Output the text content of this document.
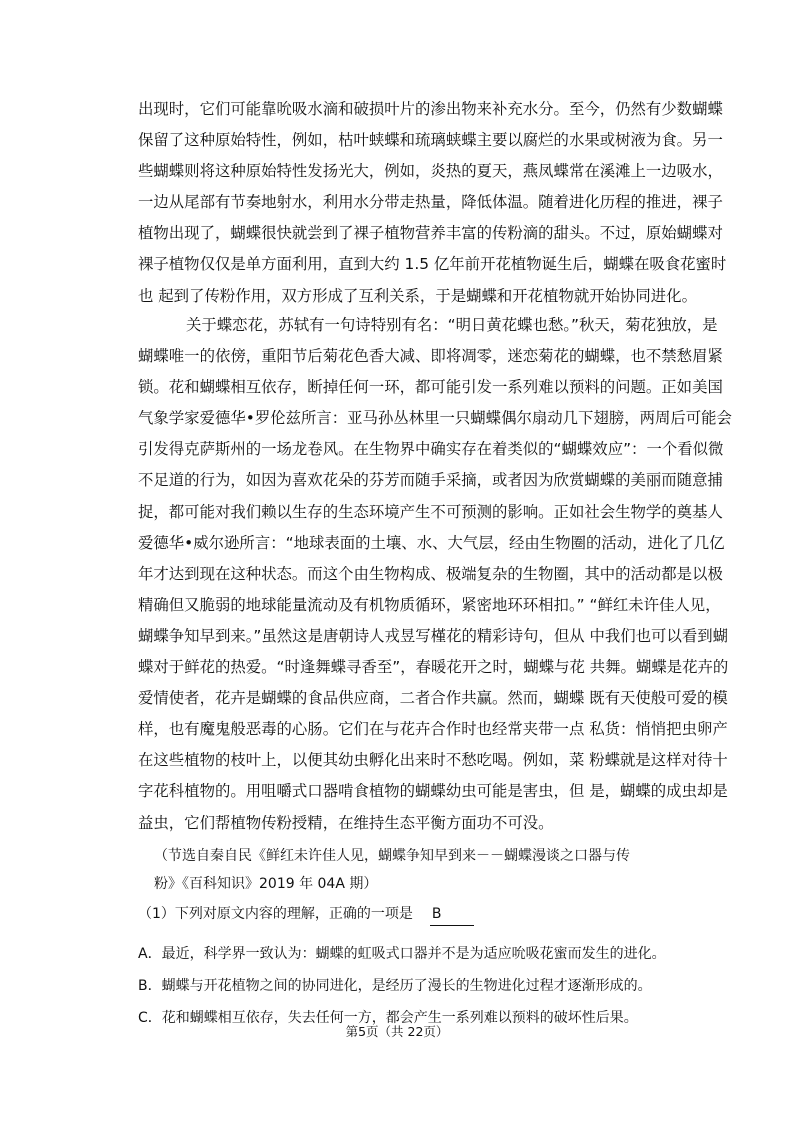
出现时，它们可能靠吮吸水滴和破损叶片的渗出物来补充水分。至今，仍然有少数蝴蝶
保留了这种原始特性，例如，枯叶蛱蝶和琉璃蛱蝶主要以腐烂的水果或树液为食。另一
些蝴蝶则将这种原始特性发扬光大，例如，炎热的夏天，燕凤蝶常在溪滩上一边吸水，
一边从尾部有节奏地射水，利用水分带走热量，降低体温。随着进化历程的推进，裸子
植物出现了，蝴蝶很快就尝到了裸子植物营养丰富的传粉滴的甜头。不过，原始蝴蝶对
裸子植物仅仅是单方面利用，直到大约 1.5 亿年前开花植物诞生后，蝴蝶在吸食花蜜时
也 起到了传粉作用，双方形成了互利关系，于是蝴蝶和开花植物就开始协同进化。
关于蝶恋花，苏轼有一句诗特别有名：“明日黄花蝶也愁。”秋天，菊花独放，是
蝴蝶唯一的依傍，重阳节后菊花色香大减、即将凋零，迷恋菊花的蝴蝶，也不禁愁眉紧
锁。花和蝴蝶相互依存，断掉任何一环，都可能引发一系列难以预料的问题。正如美国
气象学家爱德华•罗伦兹所言：亚马孙丛林里一只蝴蝶偶尔扇动几下翅膀，两周后可能会
引发得克萨斯州的一场龙卷风。在生物界中确实存在着类似的“蝴蝶效应”：一个看似微
不足道的行为，如因为喜欢花朵的芬芳而随手采摘，或者因为欣赏蝴蝶的美丽而随意捕
捉，都可能对我们赖以生存的生态环境产生不可预测的影响。正如社会生物学的奠基人
爱德华•威尔逊所言：“地球表面的土壤、水、大气层，经由生物圈的活动，进化了几亿
年才达到现在这种状态。而这个由生物构成、极端复杂的生物圈，其中的活动都是以极
精确但又脆弱的地球能量流动及有机物质循环，紧密地环环相扣。” “鲜红未许佳人见，
蝴蝶争知早到来。”虽然这是唐朝诗人戎昱写槿花的精彩诗句，但从 中我们也可以看到蝴
蝶对于鲜花的热爱。“时逢舞蝶寻香至”，春暖花开之时，蝴蝶与花 共舞。蝴蝶是花卉的
爱情使者，花卉是蝴蝶的食品供应商，二者合作共赢。然而，蝴蝶 既有天使般可爱的模
样，也有魔鬼般恶毒的心肠。它们在与花卉合作时也经常夹带一点 私货：悄悄把虫卵产
在这些植物的枝叶上，以便其幼虫孵化出来时不愁吃喝。例如，菜 粉蝶就是这样对待十
字花科植物的。用咀嚼式口器啃食植物的蝴蝶幼虫可能是害虫，但 是，蝴蝶的成虫却是
益虫，它们帮植物传粉授精，在维持生态平衡方面功不可没。
（节选自秦自民《鲜红未许佳人见，蝴蝶争知早到来－－蝴蝶漫谈之口器与传
粉》《百科知识》2019 年 04A 期）
（1）下列对原文内容的理解，正确的一项是 B
A．最近，科学界一致认为：蝴蝶的虹吸式口器并不是为适应吮吸花蜜而发生的进化。
B．蝴蝶与开花植物之间的协同进化，是经历了漫长的生物进化过程才逐渐形成的。
C．花和蝴蝶相互依存，失去任何一方，都会产生一系列难以预料的破坏性后果。
第5页（共 22页）
